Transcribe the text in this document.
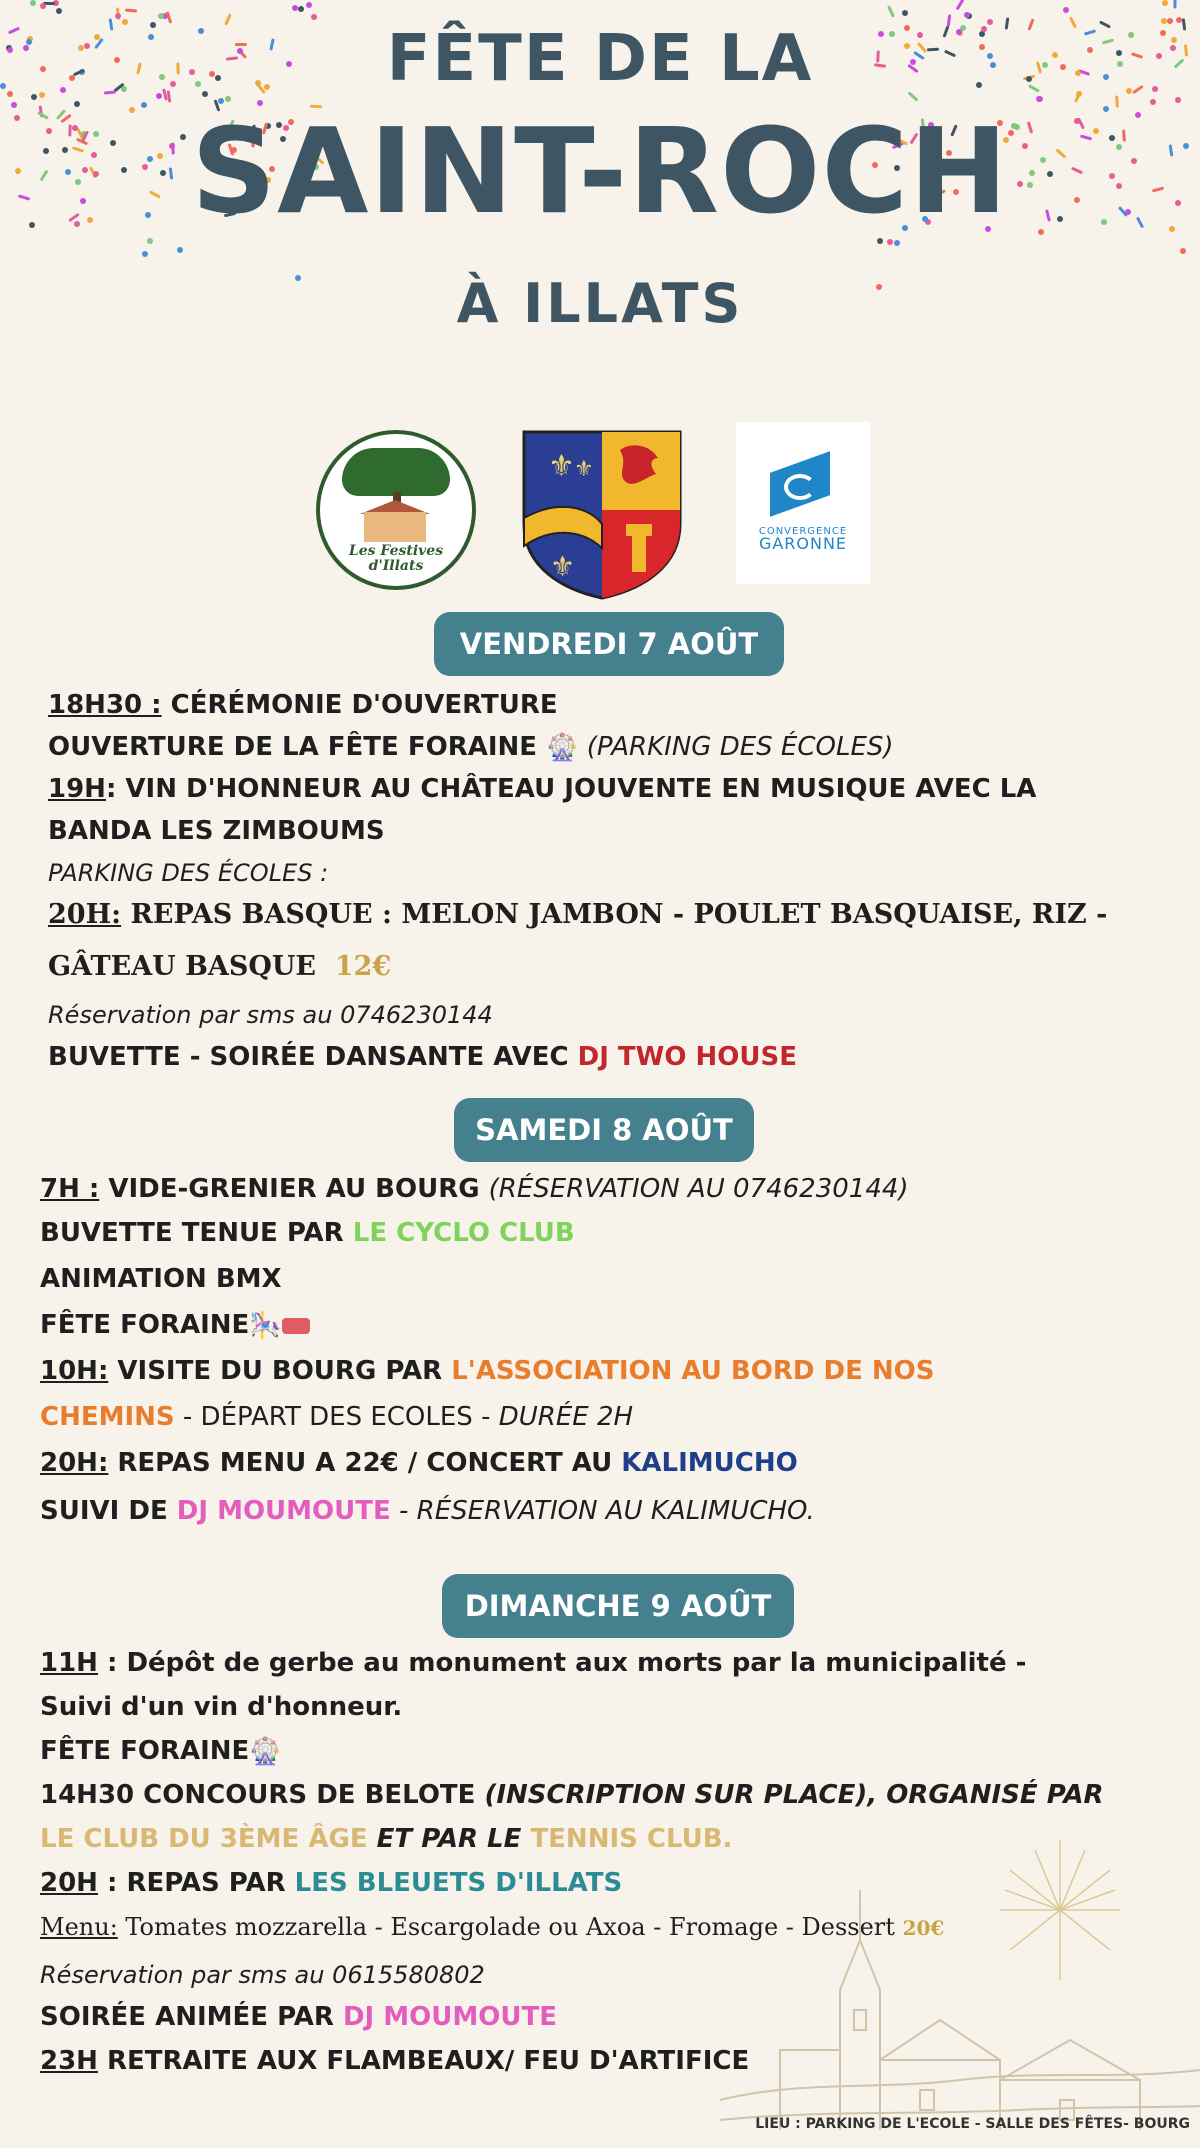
FÊTE DE LA
SAINT-ROCH
À ILLATS
Les Festives d'Illats
⚜ ⚜
⚜
CONVERGENCE
GARONNE
VENDREDI 7 AOÛT
18H30 : CÉRÉMONIE D'OUVERTURE
OUVERTURE DE LA FÊTE FORAINE 🎡 (PARKING DES ÉCOLES)
19H: VIN D'HONNEUR AU CHÂTEAU JOUVENTE EN MUSIQUE AVEC LA
BANDA LES ZIMBOUMS
PARKING DES ÉCOLES :
20H: REPAS BASQUE : MELON JAMBON - POULET BASQUAISE, RIZ -
GÂTEAU BASQUE 12€
Réservation par sms au 0746230144
BUVETTE - SOIRÉE DANSANTE AVEC DJ TWO HOUSE
SAMEDI 8 AOÛT
7H : VIDE-GRENIER AU BOURG (RÉSERVATION AU 0746230144)
BUVETTE TENUE PAR LE CYCLO CLUB
ANIMATION BMX
FÊTE FORAINE🎠
10H: VISITE DU BOURG PAR L'ASSOCIATION AU BORD DE NOS
CHEMINS - DÉPART DES ECOLES - DURÉE 2H
20H: REPAS MENU A 22€ / CONCERT AU KALIMUCHO
SUIVI DE DJ MOUMOUTE - RÉSERVATION AU KALIMUCHO.
DIMANCHE 9 AOÛT
11H : Dépôt de gerbe au monument aux morts par la municipalité -
Suivi d'un vin d'honneur.
FÊTE FORAINE🎡
14H30 CONCOURS DE BELOTE (INSCRIPTION SUR PLACE), ORGANISÉ PAR
LE CLUB DU 3ÈME ÂGE ET PAR LE TENNIS CLUB.
20H : REPAS PAR LES BLEUETS D'ILLATS
Menu: Tomates mozzarella - Escargolade ou Axoa - Fromage - Dessert 20€
Réservation par sms au 0615580802
SOIRÉE ANIMÉE PAR DJ MOUMOUTE
23H RETRAITE AUX FLAMBEAUX/ FEU D'ARTIFICE
LIEU : PARKING DE L'ECOLE - SALLE DES FÊTES- BOURG
